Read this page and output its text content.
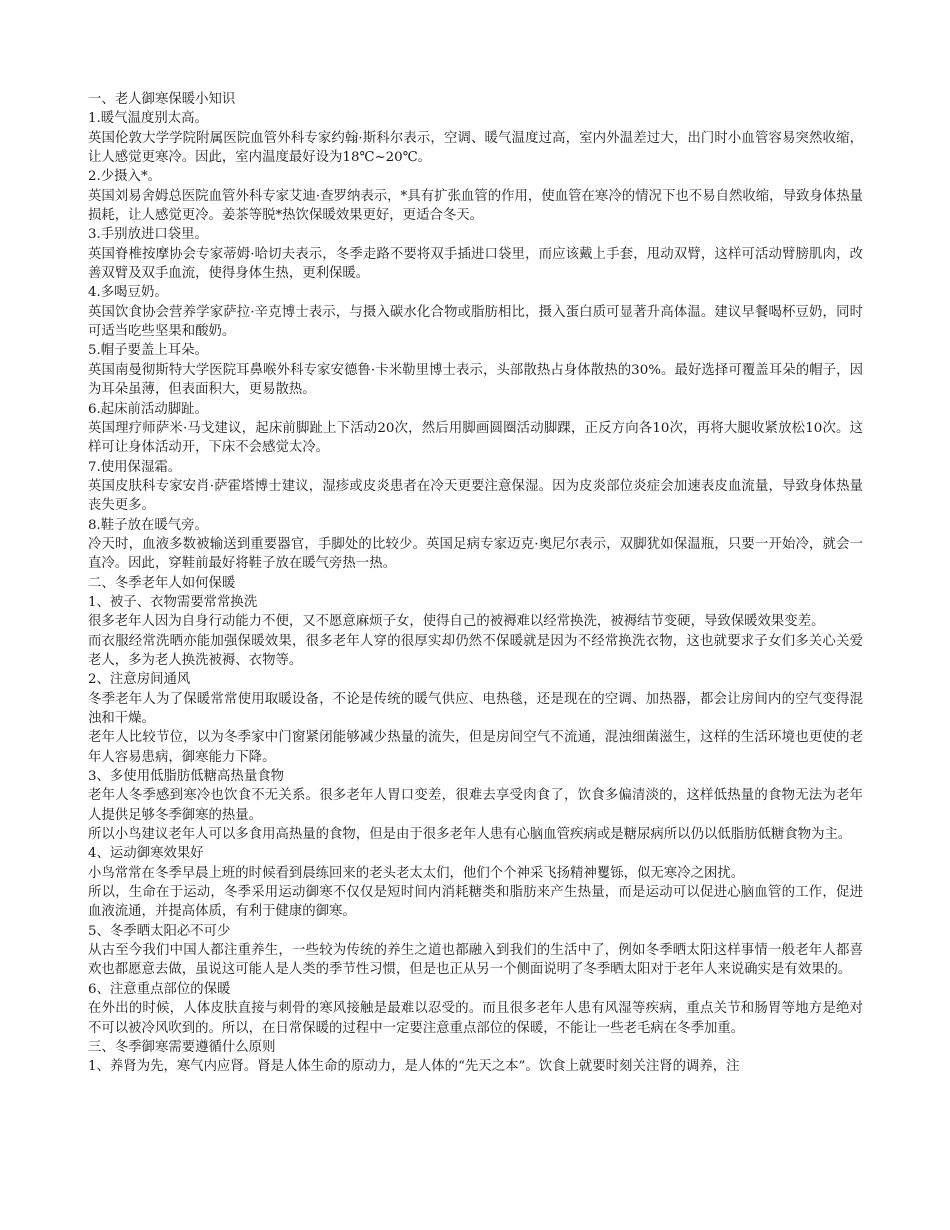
一、老人御寒保暖小知识

1.暖气温度别太高。

英国伦敦大学学院附属医院血管外科专家约翰·斯科尔表示，空调、暖气温度过高，室内外温差过大，出门时小血管容易突然收缩，让人感觉更寒冷。因此，室内温度最好设为18℃~20℃。

2.少摄入*。

英国刘易舍姆总医院血管外科专家艾迪·查罗纳表示，*具有扩张血管的作用，使血管在寒冷的情况下也不易自然收缩，导致身体热量损耗，让人感觉更冷。姜茶等脱*热饮保暖效果更好，更适合冬天。

3.手别放进口袋里。

英国脊椎按摩协会专家蒂姆·哈切夫表示，冬季走路不要将双手插进口袋里，而应该戴上手套，甩动双臂，这样可活动臂膀肌肉，改善双臂及双手血流，使得身体生热，更利保暖。

4.多喝豆奶。

英国饮食协会营养学家萨拉·辛克博士表示，与摄入碳水化合物或脂肪相比，摄入蛋白质可显著升高体温。建议早餐喝杯豆奶，同时可适当吃些坚果和酸奶。

5.帽子要盖上耳朵。

英国南曼彻斯特大学医院耳鼻喉外科专家安德鲁·卡米勒里博士表示，头部散热占身体散热的30%。最好选择可覆盖耳朵的帽子，因为耳朵虽薄，但表面积大，更易散热。

6.起床前活动脚趾。

英国理疗师萨米·马戈建议，起床前脚趾上下活动20次，然后用脚画圆圈活动脚踝，正反方向各10次，再将大腿收紧放松10次。这样可让身体活动开，下床不会感觉太冷。

7.使用保湿霜。

英国皮肤科专家安肖·萨霍塔博士建议，湿疹或皮炎患者在冷天更要注意保湿。因为皮炎部位炎症会加速表皮血流量，导致身体热量丧失更多。

8.鞋子放在暖气旁。

冷天时，血液多数被输送到重要器官，手脚处的比较少。英国足病专家迈克·奥尼尔表示，双脚犹如保温瓶，只要一开始冷，就会一直冷。因此，穿鞋前最好将鞋子放在暖气旁热一热。

二、冬季老年人如何保暖

1、被子、衣物需要常常换洗

很多老年人因为自身行动能力不便，又不愿意麻烦子女，使得自己的被褥难以经常换洗，被褥结节变硬，导致保暖效果变差。

而衣服经常洗晒亦能加强保暖效果，很多老年人穿的很厚实却仍然不保暖就是因为不经常换洗衣物，这也就要求子女们多关心关爱老人，多为老人换洗被褥、衣物等。

2、注意房间通风

冬季老年人为了保暖常常使用取暖设备，不论是传统的暖气供应、电热毯，还是现在的空调、加热器，都会让房间内的空气变得混浊和干燥。

老年人比较节位，以为冬季家中门窗紧闭能够减少热量的流失，但是房间空气不流通，混浊细菌滋生，这样的生活环境也更使的老年人容易患病，御寒能力下降。

3、多使用低脂肪低糖高热量食物

老年人冬季感到寒冷也饮食不无关系。很多老年人胃口变差，很难去享受肉食了，饮食多偏清淡的，这样低热量的食物无法为老年人提供足够冬季御寒的热量。

所以小鸟建议老年人可以多食用高热量的食物，但是由于很多老年人患有心脑血管疾病或是糖尿病所以仍以低脂肪低糖食物为主。

4、运动御寒效果好

小鸟常常在冬季早晨上班的时候看到晨练回来的老头老太太们，他们个个神采飞扬精神矍铄，似无寒冷之困扰。

所以，生命在于运动，冬季采用运动御寒不仅仅是短时间内消耗糖类和脂肪来产生热量，而是运动可以促进心脑血管的工作，促进血液流通，并提高体质，有利于健康的御寒。

5、冬季晒太阳必不可少

从古至今我们中国人都注重养生，一些较为传统的养生之道也都融入到我们的生活中了，例如冬季晒太阳这样事情一般老年人都喜欢也都愿意去做，虽说这可能人是人类的季节性习惯，但是也正从另一个侧面说明了冬季晒太阳对于老年人来说确实是有效果的。

6、注意重点部位的保暖

在外出的时候，人体皮肤直接与刺骨的寒风接触是最难以忍受的。而且很多老年人患有风湿等疾病，重点关节和肠胃等地方是绝对不可以被冷风吹到的。所以，在日常保暖的过程中一定要注意重点部位的保暖，不能让一些老毛病在冬季加重。

三、冬季御寒需要遵循什么原则

1、养肾为先，寒气内应肾。肾是人体生命的原动力，是人体的“先天之本”。饮食上就要时刻关注肾的调养，注
